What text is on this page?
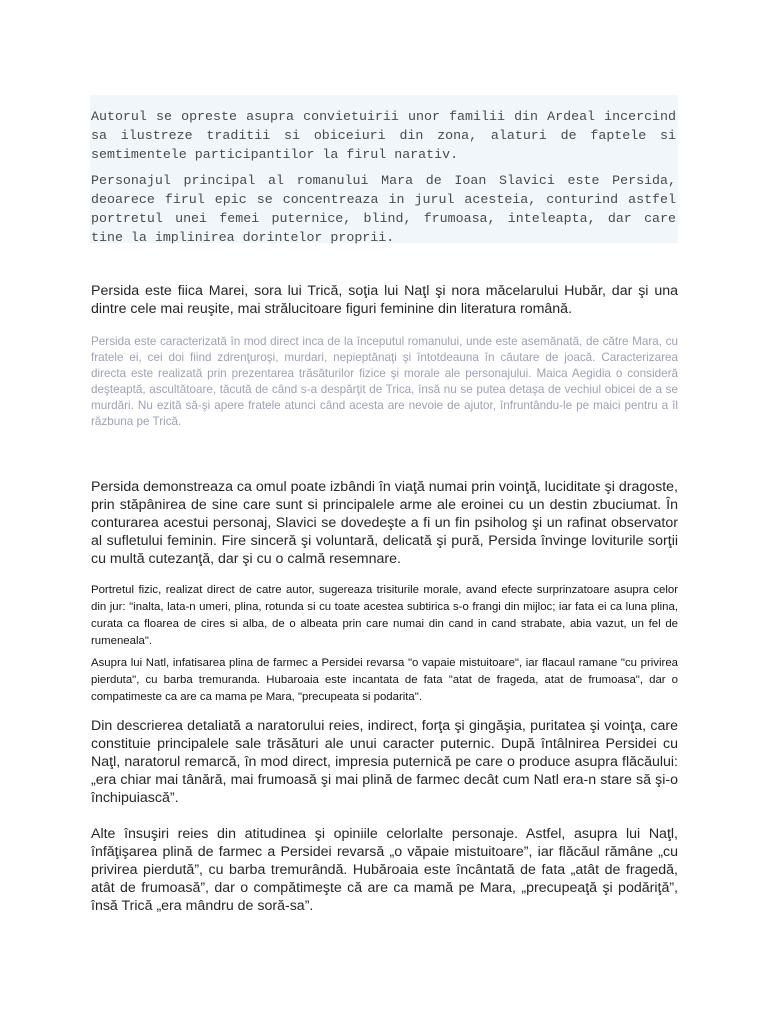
Autorul se opreste asupra convietuirii unor familii din Ardeal incercind sa ilustreze traditii si obiceiuri din zona, alaturi de faptele si semtimentele participantilor la firul narativ.

Personajul principal al romanului Mara de Ioan Slavici este Persida, deoarece firul epic se concentreaza in jurul acesteia, conturind astfel portretul unei femei puternice, blind, frumoasa, inteleapta, dar care tine la implinirea dorintelor proprii.

Persida este fiica Marei, sora lui Trică, soţia lui Naţl şi nora măcelarului Hubăr, dar şi una dintre cele mai reuşite, mai strălucitoare figuri feminine din literatura română.

Persida este caracterizată în mod direct inca de la începutul romanului, unde este asemănată, de către Mara, cu fratele ei, cei doi fiind zdrenţuroşi, murdari, nepieptănaţi şi întotdeauna în căutare de joacă. Caracterizarea directa este realizată prin prezentarea trăsăturilor fizice şi morale ale personajului. Maica Aegidia o consideră deşteaptă, ascultătoare, tăcută de când s-a despărţit de Trica, însă nu se putea detaşa de vechiul obicei de a se murdări. Nu ezită să-şi apere fratele atunci când acesta are nevoie de ajutor, înfruntându-le pe maici pentru a îl răzbuna pe Trică.

Persida demonstreaza ca omul poate izbândi în viaţă numai prin voinţă, luciditate şi dragoste, prin stăpânirea de sine care sunt si principalele arme ale eroinei cu un destin zbuciumat. În conturarea acestui personaj, Slavici se dovedeşte a fi un fin psiholog şi un rafinat observator al sufletului feminin. Fire sinceră şi voluntară, delicată şi pură, Persida învinge loviturile sorţii cu multă cutezanţă, dar şi cu o calmă resemnare.

Portretul fizic, realizat direct de catre autor, sugereaza trisiturile morale, avand efecte surprinzatoare asupra celor din jur: "inalta, lata-n umeri, plina, rotunda si cu toate acestea subtirica s-o frangi din mijloc; iar fata ei ca luna plina, curata ca floarea de cires si alba, de o albeata prin care numai din cand in cand strabate, abia vazut, un fel de rumeneala".

Asupra lui Natl, infatisarea plina de farmec a Persidei revarsa "o vapaie mistuitoare", iar flacaul ramane "cu privirea pierduta", cu barba tremuranda. Hubaroaia este incantata de fata "atat de frageda, atat de frumoasa", dar o compatimeste ca are ca mama pe Mara, "precupeata si podarita".

Din descrierea detaliată a naratorului reies, indirect, forţa şi gingăşia, puritatea şi voinţa, care constituie principalele sale trăsături ale unui caracter puternic. După întâlnirea Persidei cu Naţl, naratorul remarcă, în mod direct, impresia puternică pe care o produce asupra flăcăului: „era chiar mai tânără, mai frumoasă şi mai plină de farmec decât cum Natl era-n stare să şi-o închipuiască”.

Alte însuşiri reies din atitudinea şi opiniile celorlalte personaje. Astfel, asupra lui Naţl, înfăţişarea plină de farmec a Persidei revarsă „o văpaie mistuitoare”, iar flăcăul rămâne „cu privirea pierdută”, cu barba tremurândă. Hubăroaia este încântată de fata „atât de fragedă, atât de frumoasă”, dar o compătimeşte că are ca mamă pe Mara, „precupeaţă şi podăriţă”, însă Trică „era mândru de soră-sa”.
